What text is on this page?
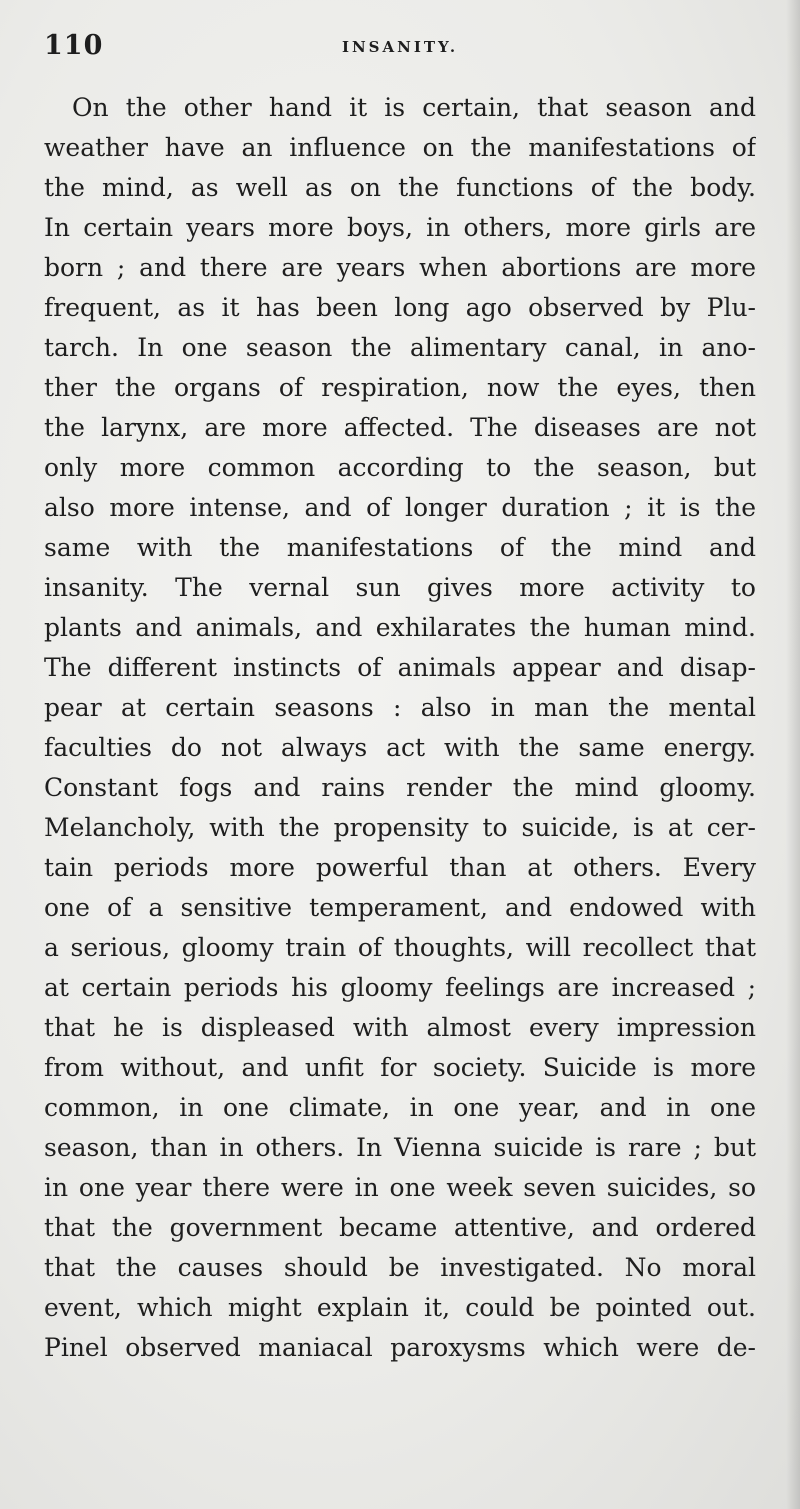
110	INSANITY.
On the other hand it is certain, that season and
weather have an influence on the manifestations of
the mind, as well as on the functions of the body.
In certain years more boys, in others, more girls are
born ; and there are years when abortions are more
frequent, as it has been long ago observed by Plu-
tarch. In one season the alimentary canal, in ano-
ther the organs of respiration, now the eyes, then
the larynx, are more affected. The diseases are not
only more common according to the season, but
also more intense, and of longer duration ; it is the
same with the manifestations of the mind and
insanity. The vernal sun gives more activity to
plants and animals, and exhilarates the human mind.
The different instincts of animals appear and disap-
pear at certain seasons : also in man the mental
faculties do not always act with the same energy.
Constant fogs and rains render the mind gloomy.
Melancholy, with the propensity to suicide, is at cer-
tain periods more powerful than at others. Every
one of a sensitive temperament, and endowed with
a serious, gloomy train of thoughts, will recollect that
at certain periods his gloomy feelings are increased ;
that he is displeased with almost every impression
from without, and unfit for society. Suicide is more
common, in one climate, in one year, and in one
season, than in others. In Vienna suicide is rare ; but
in one year there were in one week seven suicides, so
that the government became attentive, and ordered
that the causes should be investigated. No moral
event, which might explain it, could be pointed out.
Pinel observed maniacal paroxysms which were de-
